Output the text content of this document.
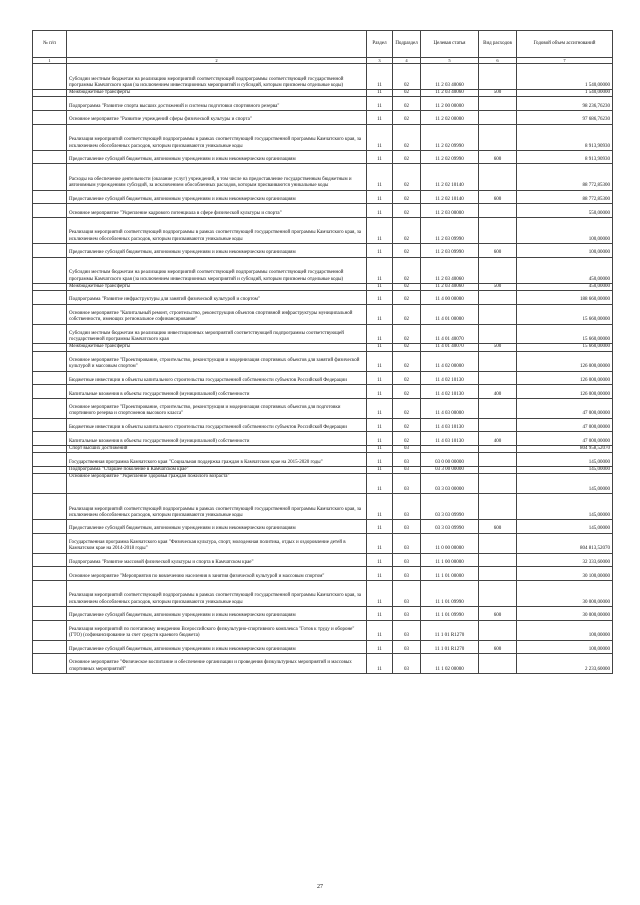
№ п/п		Раздел	Подраздел	Целевая статья	Вид расходов	Годовой объем ассигнований
1	2	3	4	5	6	7
	Субсидии местным бюджетам на реализацию мероприятий соответствующей подпрограммы соответствующей государственной программы Камчатского края (за исключением инвестиционных мероприятий и субсидий, которым присвоены отдельные коды)	11	02	11 2 03 40060		1 540,00000
	Межбюджетные трансферты	11	02	11 2 03 40060	500	1 540,00000
	Подпрограмма "Развитие спорта высших достижений и системы подготовки спортивного резерва"	11	02	11 2 00 00000		98 236,76230
	Основное мероприятие "Развитие учреждений сферы физической культуры и спорта"	11	02	11 2 02 00000		97 686,76230
	Реализация мероприятий соответствующей подпрограммы в рамках соответствующей государственной программы Камчатского края, за исключением обособленных расходов, которым присваиваются уникальные коды	11	02	11 2 02 09990		8 913,90930
	Предоставление субсидий бюджетным, автономным учреждениям и иным некоммерческим организациям	11	02	11 2 02 09990	600	8 913,90930
	Расходы на обеспечение деятельности (оказание услуг) учреждений, в том числе на предоставление государственным бюджетным и автономным учреждениям субсидий, за исключением обособленных расходов, которым присваиваются уникальные коды	11	02	11 2 02 10140		88 772,85300
	Предоставление субсидий бюджетным, автономным учреждениям и иным некоммерческим организациям	11	02	11 2 02 10140	600	88 772,85300
	Основное мероприятие "Укрепление кадрового потенциала в сфере физической культуры и спорта"	11	02	11 2 03 00000		550,00000
	Реализация мероприятий соответствующей подпрограммы в рамках соответствующей государственной программы Камчатского края, за исключением обособленных расходов, которым присваиваются уникальные коды	11	02	11 2 03 09990		100,00000
	Предоставление субсидий бюджетным, автономным учреждениям и иным некоммерческим организациям	11	02	11 2 03 09990	600	100,00000
	Субсидии местным бюджетам на реализацию мероприятий соответствующей подпрограммы соответствующей государственной программы Камчатского края (за исключением инвестиционных мероприятий и субсидий, которым присвоены отдельные коды)	11	02	11 2 03 40060		450,00000
	Межбюджетные трансферты	11	02	11 2 03 40060	500	450,00000
	Подпрограмма "Развитие инфраструктуры для занятий физической культурой и спортом"	11	02	11 4 00 00000		188 660,00000
	Основное мероприятие "Капитальный ремонт, строительство, реконструкция объектов спортивной инфраструктуры муниципальной собственности, имеющих региональное софинансирование"	11	02	11 4 01 00000		15 660,00000
	Субсидии местным бюджетам на реализацию инвестиционных мероприятий соответствующей подпрограммы соответствующей государственной программы Камчатского края	11	02	11 4 01 40070		15 660,00000
	Межбюджетные трансферты	11	02	11 4 01 40070	500	15 660,00000
	Основное мероприятие "Проектирование, строительство, реконструкция и модернизация спортивных объектов для занятий физической культурой и массовым спортом"	11	02	11 4 02 00000		126 000,00000
	Бюджетные инвестиции в объекты капитального строительства государственной собственности субъектов Российской Федерации	11	02	11 4 02 10130		126 000,00000
	Капитальные вложения в объекты государственной (муниципальной) собственности	11	02	11 4 02 10130	400	126 000,00000
	Основное мероприятие "Проектирование, строительство, реконструкция и модернизация спортивных объектов для подготовки спортивного резерва и спортсменов высокого класса"	11	02	11 4 03 00000		47 000,00000
	Бюджетные инвестиции в объекты капитального строительства государственной собственности субъектов Российской Федерации	11	02	11 4 03 10130		47 000,00000
	Капитальные вложения в объекты государственной (муниципальной) собственности	11	02	11 4 03 10130	400	47 000,00000
	Спорт высших достижений	11	03			804 958,52070
	Государственная программа Камчатского края "Социальная поддержка граждан в Камчатском крае на 2015-2020 годы"	11	03	03 0 00 00000		145,00000
	Подпрограмма "Старшее поколение в Камчатском крае"	11	03	03 3 00 00000		145,00000
	Основное мероприятие "Укрепление здоровья граждан пожилого возраста"	11	03	03 3 03 00000		145,00000
	Реализация мероприятий соответствующей подпрограммы в рамках соответствующей государственной программы Камчатского края, за исключением обособленных расходов, которым присваиваются уникальные коды	11	03	03 3 03 09990		145,00000
	Предоставление субсидий бюджетным, автономным учреждениям и иным некоммерческим организациям	11	03	03 3 03 09990	600	145,00000
	Государственная программа Камчатского края "Физическая культура, спорт, молодежная политика, отдых и оздоровление детей в Камчатском крае на 2014-2018 годы"	11	03	11 0 00 00000		804 813,52070
	Подпрограмма "Развитие массовой физической культуры и спорта в Камчатском крае"	11	03	11 1 00 00000		32 333,60000
	Основное мероприятие "Мероприятия по вовлечению населения в занятия физической культурой и массовым спортом"	11	03	11 1 01 00000		30 100,00000
	Реализация мероприятий соответствующей подпрограммы в рамках соответствующей государственной программы Камчатского края, за исключением обособленных расходов, которым присваиваются уникальные коды	11	03	11 1 01 09990		30 000,00000
	Предоставление субсидий бюджетным, автономным учреждениям и иным некоммерческим организациям	11	03	11 1 01 09990	600	30 000,00000
	Реализация мероприятий по поэтапному внедрению Всероссийского физкультурно-спортивного комплекса "Готов к труду и обороне" (ГТО) (софинансирование за счет средств краевого бюджета)	11	03	11 1 01 R1270		100,00000
	Предоставление субсидий бюджетным, автономным учреждениям и иным некоммерческим организациям	11	03	11 1 01 R1270	600	100,00000
	Основное мероприятие "Физическое воспитание и обеспечение организации и проведения физкультурных мероприятий и массовых спортивных мероприятий"	11	03	11 1 02 00000		2 233,60000
27
